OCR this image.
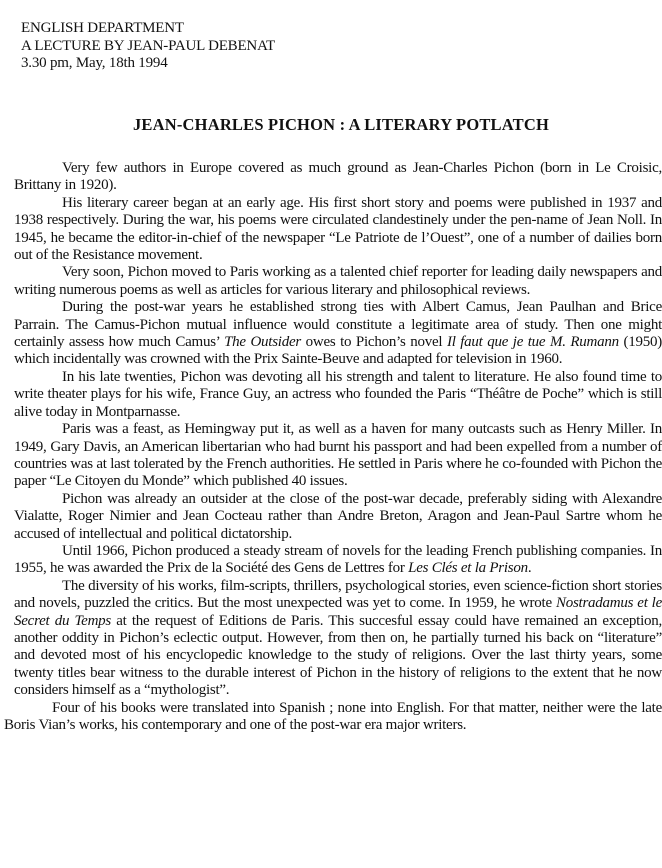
ENGLISH DEPARTMENT
A LECTURE BY JEAN-PAUL DEBENAT
3.30 pm, May, 18th 1994
JEAN-CHARLES PICHON : A LITERARY POTLATCH

Very few authors in Europe covered as much ground as Jean-Charles Pichon (born in Le Croisic, Brittany in 1920).

His literary career began at an early age. His first short story and poems were published in 1937 and 1938 respectively. During the war, his poems were circulated clandestinely under the pen-name of Jean Noll. In 1945, he became the editor-in-chief of the newspaper “Le Patriote de l’Ouest”, one of a number of dailies born out of the Resistance movement.

Very soon, Pichon moved to Paris working as a talented chief reporter for leading daily newspapers and writing numerous poems as well as articles for various literary and philosophical reviews.

During the post-war years he established strong ties with Albert Camus, Jean Paulhan and Brice Parrain. The Camus-Pichon mutual influence would constitute a legitimate area of study. Then one might certainly assess how much Camus’ The Outsider owes to Pichon’s novel Il faut que je tue M. Rumann (1950) which incidentally was crowned with the Prix Sainte-Beuve and adapted for television in 1960.

In his late twenties, Pichon was devoting all his strength and talent to literature. He also found time to write theater plays for his wife, France Guy, an actress who founded the Paris “Théâtre de Poche” which is still alive today in Montparnasse.

Paris was a feast, as Hemingway put it, as well as a haven for many outcasts such as Henry Miller. In 1949, Gary Davis, an American libertarian who had burnt his passport and had been expelled from a number of countries was at last tolerated by the French authorities. He settled in Paris where he co-founded with Pichon the paper “Le Citoyen du Monde” which published 40 issues.

Pichon was already an outsider at the close of the post-war decade, preferably siding with Alexandre Vialatte, Roger Nimier and Jean Cocteau rather than Andre Breton, Aragon and Jean-Paul Sartre whom he accused of intellectual and political dictatorship.

Until 1966, Pichon produced a steady stream of novels for the leading French publishing companies. In 1955, he was awarded the Prix de la Société des Gens de Lettres for Les Clés et la Prison.

The diversity of his works, film-scripts, thrillers, psychological stories, even science-fiction short stories and novels, puzzled the critics. But the most unexpected was yet to come. In 1959, he wrote Nostradamus et le Secret du Temps at the request of Editions de Paris. This succesful essay could have remained an exception, another oddity in Pichon’s eclectic output. However, from then on, he partially turned his back on “literature” and devoted most of his encyclopedic knowledge to the study of religions. Over the last thirty years, some twenty titles bear witness to the durable interest of Pichon in the history of religions to the extent that he now considers himself as a “mythologist”.

Four of his books were translated into Spanish ; none into English. For that matter, neither were the late Boris Vian’s works, his contemporary and one of the post-war era major writers.
